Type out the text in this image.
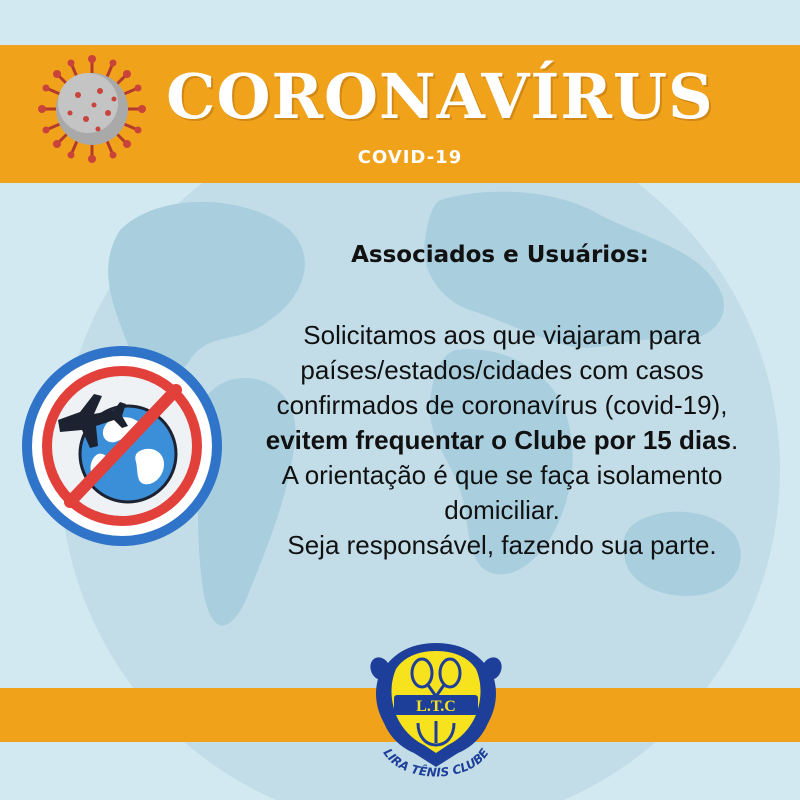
CORONAVÍRUS
COVID-19
Associados e Usuários:

Solicitamos aos que viajaram para

países/estados/cidades com casos

confirmados de coronavírus (covid-19),

evitem frequentar o Clube por 15 dias.

A orientação é que se faça isolamento

domiciliar.

Seja responsável, fazendo sua parte.

L.T.C
LIRA TÊNIS CLUBE
